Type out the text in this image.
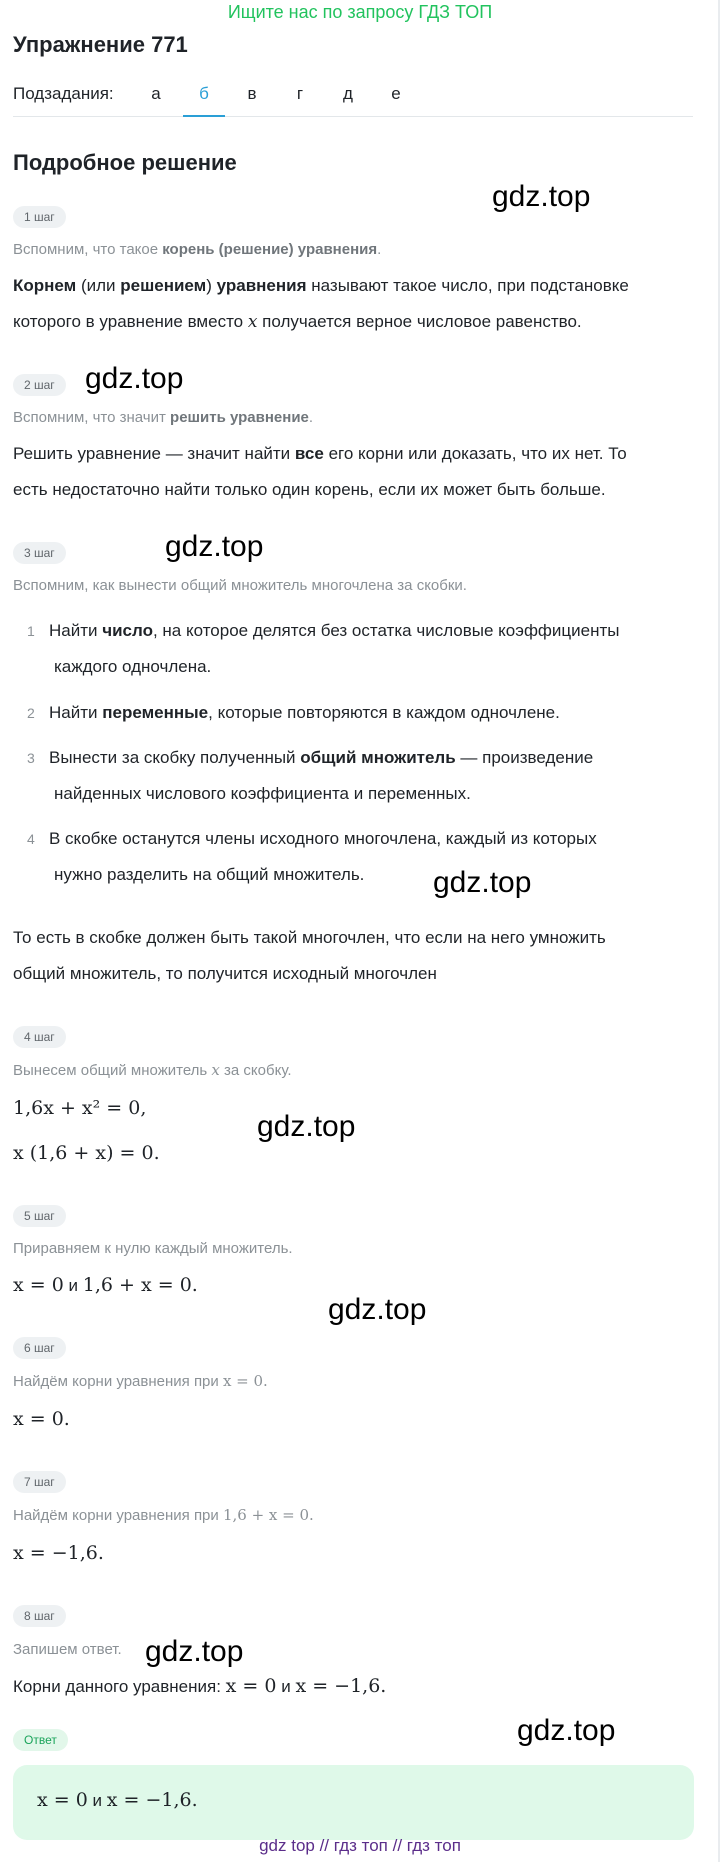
Ищите нас по запросу ГДЗ ТОП
Упражнение 771
Подзадания:	а	б	в	г	д	е
Подробное решение
gdz.top
gdz.top
gdz.top
gdz.top
gdz.top
gdz.top
gdz.top
gdz.top
1 шаг
Вспомним, что такое корень (решение) уравнения.
Корнем (или решением) уравнения называют такое число, при подстановке
которого в уравнение вместо x получается верное числовое равенство.
2 шаг
Вспомним, что значит решить уравнение.
Решить уравнение — значит найти все его корни или доказать, что их нет. То
есть недостаточно найти только один корень, если их может быть больше.
3 шаг
Вспомним, как вынести общий множитель многочлена за скобки.
1 Найти число, на которое делятся без остатка числовые коэффициенты
каждого одночлена.
2 Найти переменные, которые повторяются в каждом одночлене.
3 Вынести за скобку полученный общий множитель — произведение
найденных числового коэффициента и переменных.
4 В скобке останутся члены исходного многочлена, каждый из которых
нужно разделить на общий множитель.
То есть в скобке должен быть такой многочлен, что если на него умножить
общий множитель, то получится исходный многочлен
4 шаг
Вынесем общий множитель x за скобку.
1,6x + x² = 0,
x (1,6 + x) = 0.
5 шаг
Приравняем к нулю каждый множитель.
x = 0 и 1,6 + x = 0.
6 шаг
Найдём корни уравнения при x = 0.
x = 0.
7 шаг
Найдём корни уравнения при 1,6 + x = 0.
x = −1,6.
8 шаг
Запишем ответ.
Корни данного уравнения: x = 0 и x = −1,6.
Ответ
x = 0 и x = −1,6.
gdz top // гдз топ // гдз топ
